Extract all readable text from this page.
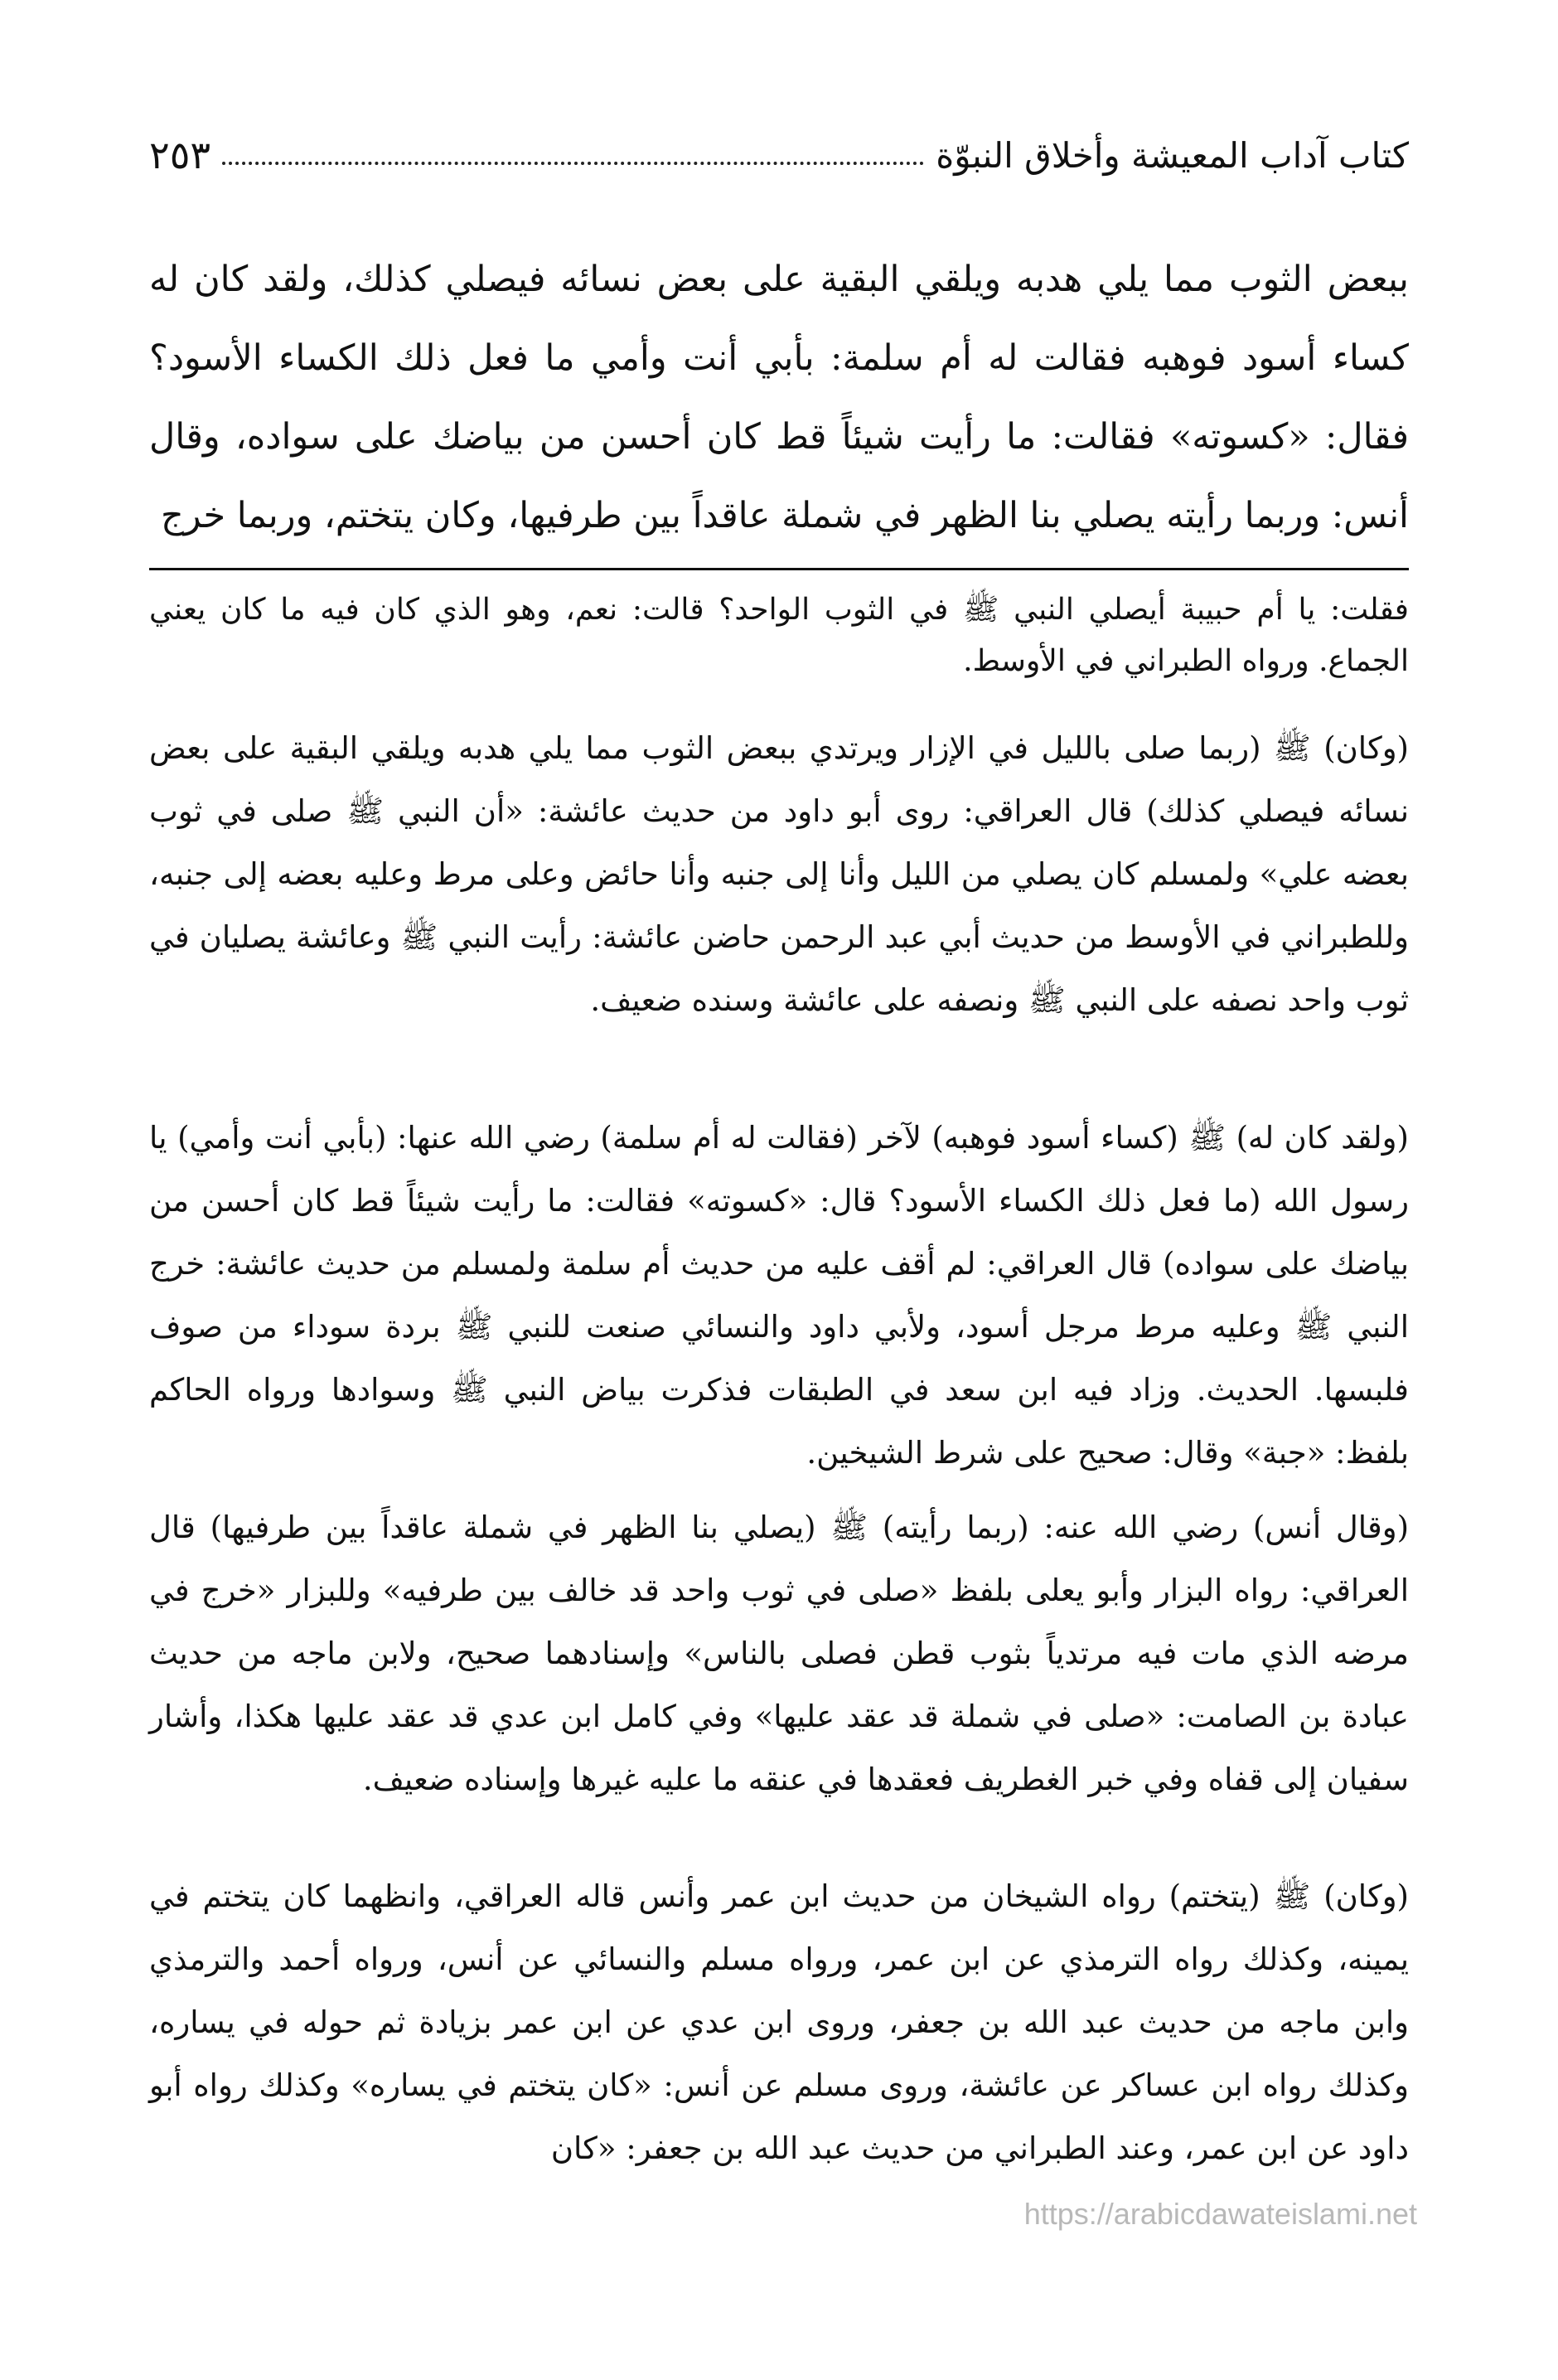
كتاب آداب المعيشة وأخلاق النبوّة
٢٥٣
ببعض الثوب مما يلي هدبه ويلقي البقية على بعض نسائه فيصلي كذلك، ولقد كان له كساء أسود فوهبه فقالت له أم سلمة: بأبي أنت وأمي ما فعل ذلك الكساء الأسود؟ فقال: «كسوته» فقالت: ما رأيت شيئاً قط كان أحسن من بياضك على سواده، وقال أنس: وربما رأيته يصلي بنا الظهر في شملة عاقداً بين طرفيها، وكان يتختم، وربما خرج
فقلت: يا أم حبيبة أيصلي النبي ﷺ في الثوب الواحد؟ قالت: نعم، وهو الذي كان فيه ما كان يعني الجماع. ورواه الطبراني في الأوسط.

(وكان) ﷺ (ربما صلى بالليل في الإزار ويرتدي ببعض الثوب مما يلي هدبه ويلقي البقية على بعض نسائه فيصلي كذلك) قال العراقي: روى أبو داود من حديث عائشة: «أن النبي ﷺ صلى في ثوب بعضه علي» ولمسلم كان يصلي من الليل وأنا إلى جنبه وأنا حائض وعلى مرط وعليه بعضه إلى جنبه، وللطبراني في الأوسط من حديث أبي عبد الرحمن حاضن عائشة: رأيت النبي ﷺ وعائشة يصليان في ثوب واحد نصفه على النبي ﷺ ونصفه على عائشة وسنده ضعيف.

(ولقد كان له) ﷺ (كساء أسود فوهبه) لآخر (فقالت له أم سلمة) رضي الله عنها: (بأبي أنت وأمي) يا رسول الله (ما فعل ذلك الكساء الأسود؟ قال: «كسوته» فقالت: ما رأيت شيئاً قط كان أحسن من بياضك على سواده) قال العراقي: لم أقف عليه من حديث أم سلمة ولمسلم من حديث عائشة: خرج النبي ﷺ وعليه مرط مرجل أسود، ولأبي داود والنسائي صنعت للنبي ﷺ بردة سوداء من صوف فلبسها. الحديث. وزاد فيه ابن سعد في الطبقات فذكرت بياض النبي ﷺ وسوادها ورواه الحاكم بلفظ: «جبة» وقال: صحيح على شرط الشيخين.

(وقال أنس) رضي الله عنه: (ربما رأيته) ﷺ (يصلي بنا الظهر في شملة عاقداً بين طرفيها) قال العراقي: رواه البزار وأبو يعلى بلفظ «صلى في ثوب واحد قد خالف بين طرفيه» وللبزار «خرج في مرضه الذي مات فيه مرتدياً بثوب قطن فصلى بالناس» وإسنادهما صحيح، ولابن ماجه من حديث عبادة بن الصامت: «صلى في شملة قد عقد عليها» وفي كامل ابن عدي قد عقد عليها هكذا، وأشار سفيان إلى قفاه وفي خبر الغطريف فعقدها في عنقه ما عليه غيرها وإسناده ضعيف.

(وكان) ﷺ (يتختم) رواه الشيخان من حديث ابن عمر وأنس قاله العراقي، وانظهما كان يتختم في يمينه، وكذلك رواه الترمذي عن ابن عمر، ورواه مسلم والنسائي عن أنس، ورواه أحمد والترمذي وابن ماجه من حديث عبد الله بن جعفر، وروى ابن عدي عن ابن عمر بزيادة ثم حوله في يساره، وكذلك رواه ابن عساكر عن عائشة، وروى مسلم عن أنس: «كان يتختم في يساره» وكذلك رواه أبو داود عن ابن عمر، وعند الطبراني من حديث عبد الله بن جعفر: «كان

https://arabicdawateislami.net
